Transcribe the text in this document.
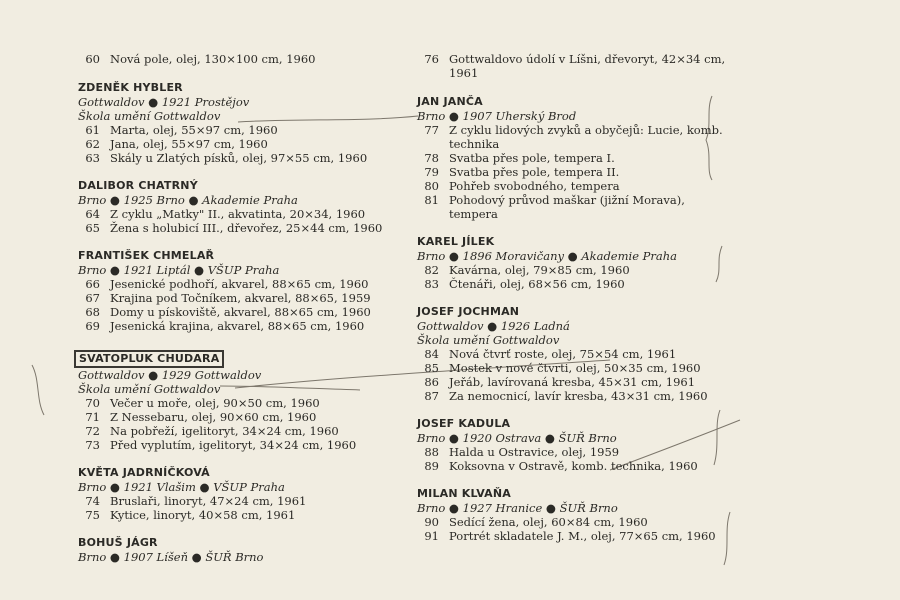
60 Nová pole, olej, 130×100 cm, 1960
ZDENĚK HYBLER
Gottwaldov ● 1921 Prostějov
Škola umění Gottwaldov
61 Marta, olej, 55×97 cm, 1960
62 Jana, olej, 55×97 cm, 1960
63 Skály u Zlatých písků, olej, 97×55 cm, 1960
DALIBOR CHATRNÝ
Brno ● 1925 Brno ● Akademie Praha
64 Z cyklu „Matky" II., akvatinta, 20×34, 1960
65 Žena s holubicí III., dřevořez, 25×44 cm, 1960
FRANTIŠEK CHMELAŘ
Brno ● 1921 Liptál ● VŠUP Praha
66 Jesenické podhoří, akvarel, 88×65 cm, 1960
67 Krajina pod Točníkem, akvarel, 88×65, 1959
68 Domy u pískoviště, akvarel, 88×65 cm, 1960
69 Jesenická krajina, akvarel, 88×65 cm, 1960
SVATOPLUK CHUDARA
Gottwaldov ● 1929 Gottwaldov
Škola umění Gottwaldov
70 Večer u moře, olej, 90×50 cm, 1960
71 Z Nessebaru, olej, 90×60 cm, 1960
72 Na pobřeží, igelitoryt, 34×24 cm, 1960
73 Před vyplutím, igelitoryt, 34×24 cm, 1960
KVĚTA JADRNÍČKOVÁ
Brno ● 1921 Vlašim ● VŠUP Praha
74 Bruslaři, linoryt, 47×24 cm, 1961
75 Kytice, linoryt, 40×58 cm, 1961
BOHUŠ JÁGR
Brno ● 1907 Líšeň ● ŠUŘ Brno
76 Gottwaldovo údolí v Líšni, dřevoryt, 42×34 cm, 1961
JAN JANČA
Brno ● 1907 Uherský Brod
77 Z cyklu lidových zvyků a obyčejů: Lucie, komb. technika
78 Svatba přes pole, tempera I.
79 Svatba přes pole, tempera II.
80 Pohřeb svobodného, tempera
81 Pohodový průvod maškar (jižní Morava), tempera
KAREL JÍLEK
Brno ● 1896 Moravičany ● Akademie Praha
82 Kavárna, olej, 79×85 cm, 1960
83 Čtenáři, olej, 68×56 cm, 1960
JOSEF JOCHMAN
Gottwaldov ● 1926 Ladná
Škola umění Gottwaldov
84 Nová čtvrť roste, olej, 75×54 cm, 1961
85 Mostek v nové čtvrti, olej, 50×35 cm, 1960
86 Jeřáb, lavírovaná kresba, 45×31 cm, 1961
87 Za nemocnicí, lavír kresba, 43×31 cm, 1960
JOSEF KADULA
Brno ● 1920 Ostrava ● ŠUŘ Brno
88 Halda u Ostravice, olej, 1959
89 Koksovna v Ostravě, komb. technika, 1960
MILAN KLVAŇA
Brno ● 1927 Hranice ● ŠUŘ Brno
90 Sedící žena, olej, 60×84 cm, 1960
91 Portrét skladatele J. M., olej, 77×65 cm, 1960
